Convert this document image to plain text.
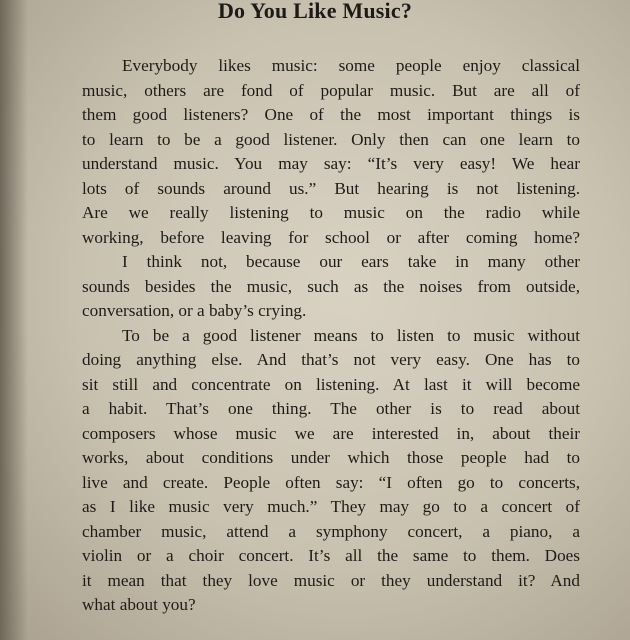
Do You Like Music?
Everybody likes music: some people enjoy classical
music, others are fond of popular music. But are all of
them good listeners? One of the most important things is
to learn to be a good listener. Only then can one learn to
understand music. You may say: “It’s very easy! We hear
lots of sounds around us.” But hearing is not listening.
Are we really listening to music on the radio while
working, before leaving for school or after coming home?
I think not, because our ears take in many other
sounds besides the music, such as the noises from outside,
conversation, or a baby’s crying.
To be a good listener means to listen to music without
doing anything else. And that’s not very easy. One has to
sit still and concentrate on listening. At last it will become
a habit. That’s one thing. The other is to read about
composers whose music we are interested in, about their
works, about conditions under which those people had to
live and create. People often say: “I often go to concerts,
as I like music very much.” They may go to a concert of
chamber music, attend a symphony concert, a piano, a
violin or a choir concert. It’s all the same to them. Does
it mean that they love music or they understand it? And
what about you?
